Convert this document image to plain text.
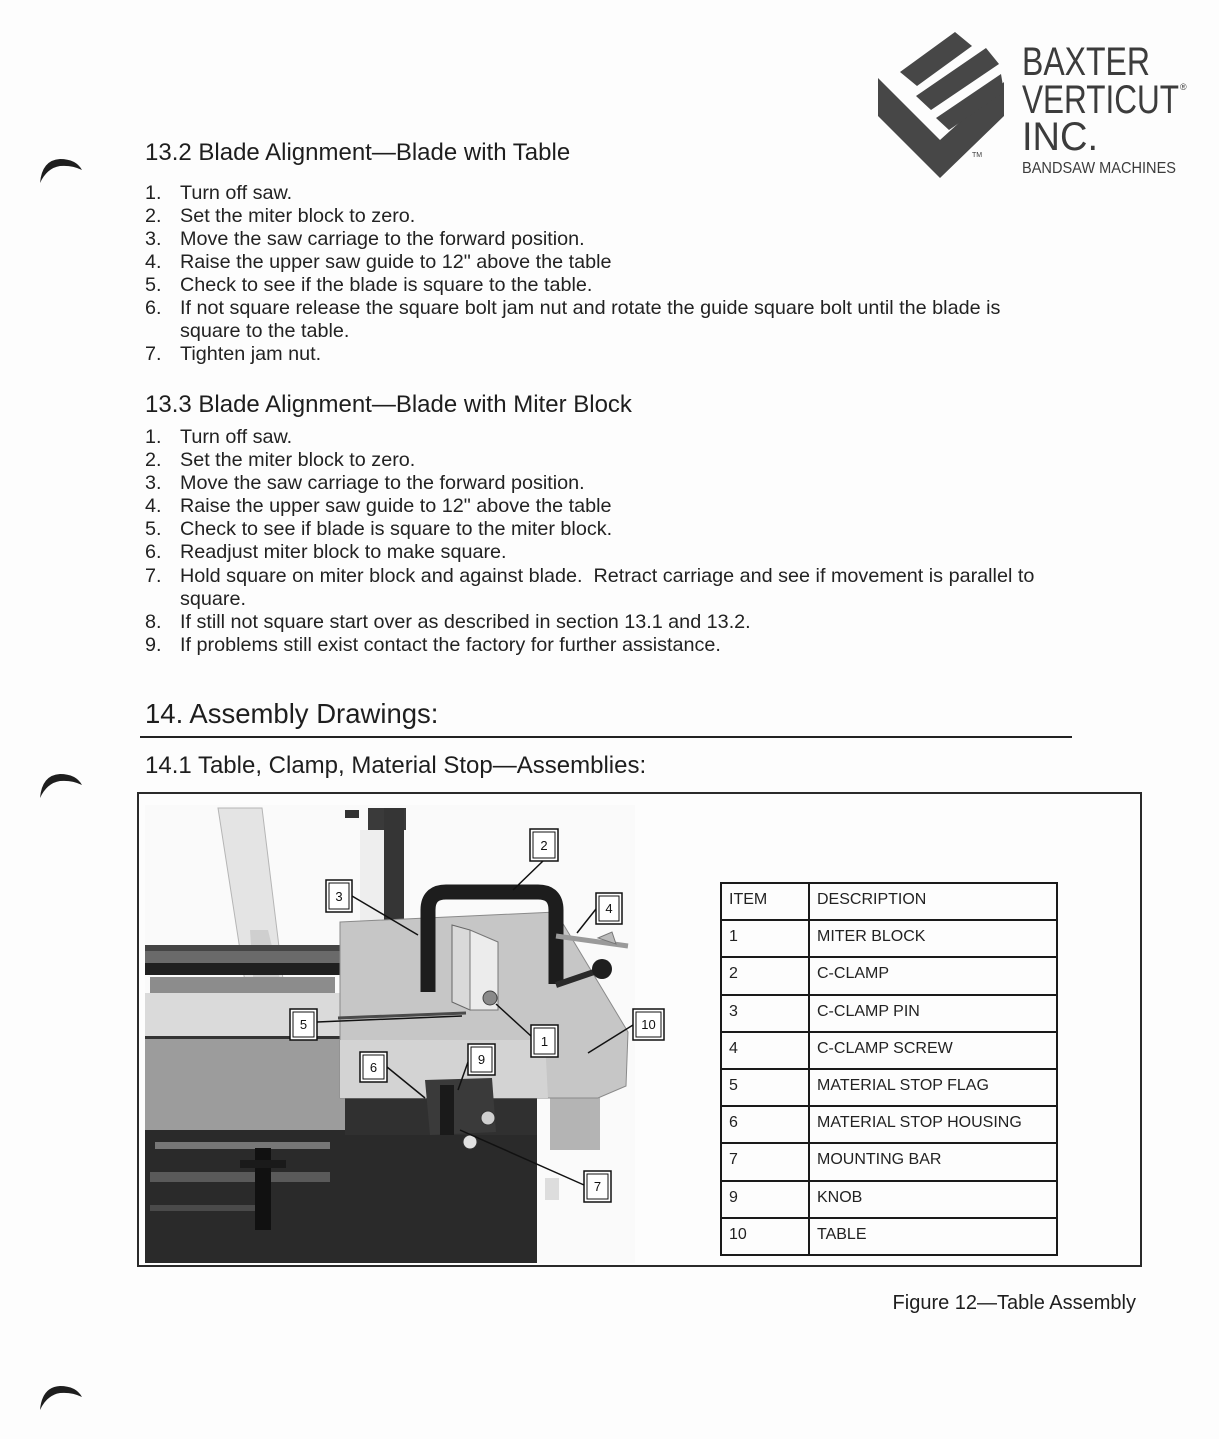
BAXTER
VERTICUT ®
INC.
BANDSAW MACHINES
TM
13.2 Blade Alignment—Blade with Table
1. Turn off saw.
2. Set the miter block to zero.
3. Move the saw carriage to the forward position.
4. Raise the upper saw guide to 12" above the table
5. Check to see if the blade is square to the table.
6. If not square release the square bolt jam nut and rotate the guide square bolt until the blade is
square to the table.
7. Tighten jam nut.
13.3 Blade Alignment—Blade with Miter Block
1. Turn off saw.
2. Set the miter block to zero.
3. Move the saw carriage to the forward position.
4. Raise the upper saw guide to 12" above the table
5. Check to see if blade is square to the miter block.
6. Readjust miter block to make square.
7. Hold square on miter block and against blade.  Retract carriage and see if movement is parallel to
square.
8. If still not square start over as described in section 13.1 and 13.2.
9. If problems still exist contact the factory for further assistance.
14. Assembly Drawings:
14.1 Table, Clamp, Material Stop—Assemblies:
2
3
4
5	10
1
6
9
7
ITEM	DESCRIPTION
1	MITER BLOCK
2	C-CLAMP
3	C-CLAMP PIN
4	C-CLAMP SCREW
5	MATERIAL STOP FLAG
6	MATERIAL STOP HOUSING
7	MOUNTING BAR
9	KNOB
10	TABLE
Figure 12—Table Assembly
